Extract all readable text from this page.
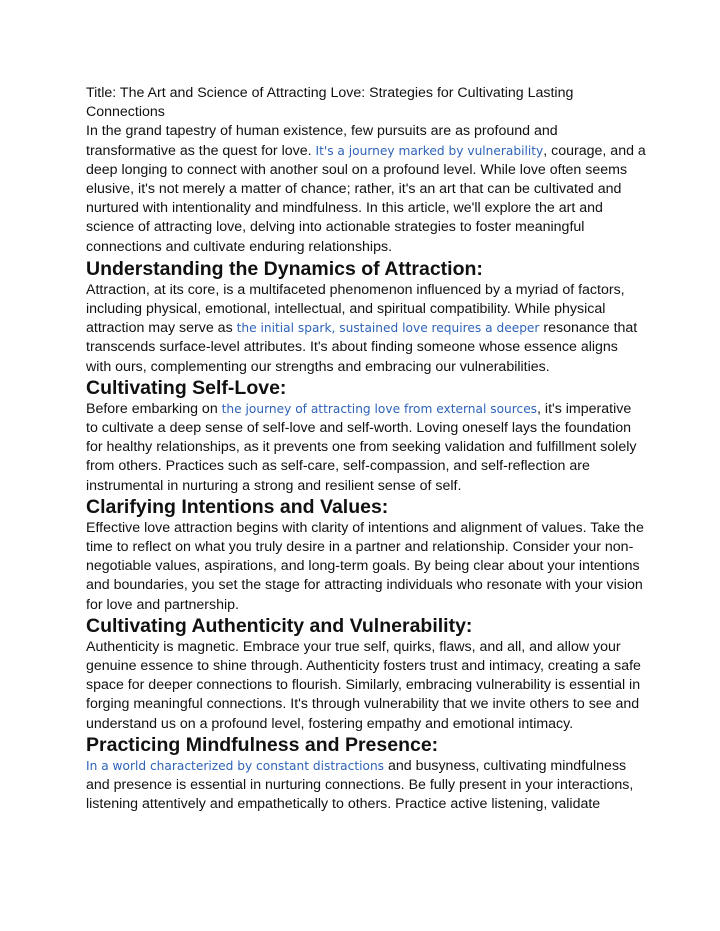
Title: The Art and Science of Attracting Love: Strategies for Cultivating Lasting Connections

In the grand tapestry of human existence, few pursuits are as profound and transformative as the quest for love. It's a journey marked by vulnerability, courage, and a deep longing to connect with another soul on a profound level. While love often seems elusive, it's not merely a matter of chance; rather, it's an art that can be cultivated and nurtured with intentionality and mindfulness. In this article, we'll explore the art and science of attracting love, delving into actionable strategies to foster meaningful connections and cultivate enduring relationships.

Understanding the Dynamics of Attraction:

Attraction, at its core, is a multifaceted phenomenon influenced by a myriad of factors, including physical, emotional, intellectual, and spiritual compatibility. While physical attraction may serve as the initial spark, sustained love requires a deeper resonance that transcends surface-level attributes. It's about finding someone whose essence aligns with ours, complementing our strengths and embracing our vulnerabilities.

Cultivating Self-Love:

Before embarking on the journey of attracting love from external sources, it's imperative to cultivate a deep sense of self-love and self-worth. Loving oneself lays the foundation for healthy relationships, as it prevents one from seeking validation and fulfillment solely from others. Practices such as self-care, self-compassion, and self-reflection are instrumental in nurturing a strong and resilient sense of self.

Clarifying Intentions and Values:

Effective love attraction begins with clarity of intentions and alignment of values. Take the time to reflect on what you truly desire in a partner and relationship. Consider your non-negotiable values, aspirations, and long-term goals. By being clear about your intentions and boundaries, you set the stage for attracting individuals who resonate with your vision for love and partnership.

Cultivating Authenticity and Vulnerability:

Authenticity is magnetic. Embrace your true self, quirks, flaws, and all, and allow your genuine essence to shine through. Authenticity fosters trust and intimacy, creating a safe space for deeper connections to flourish. Similarly, embracing vulnerability is essential in forging meaningful connections. It's through vulnerability that we invite others to see and understand us on a profound level, fostering empathy and emotional intimacy.

Practicing Mindfulness and Presence:

In a world characterized by constant distractions and busyness, cultivating mindfulness and presence is essential in nurturing connections. Be fully present in your interactions, listening attentively and empathetically to others. Practice active listening, validate
